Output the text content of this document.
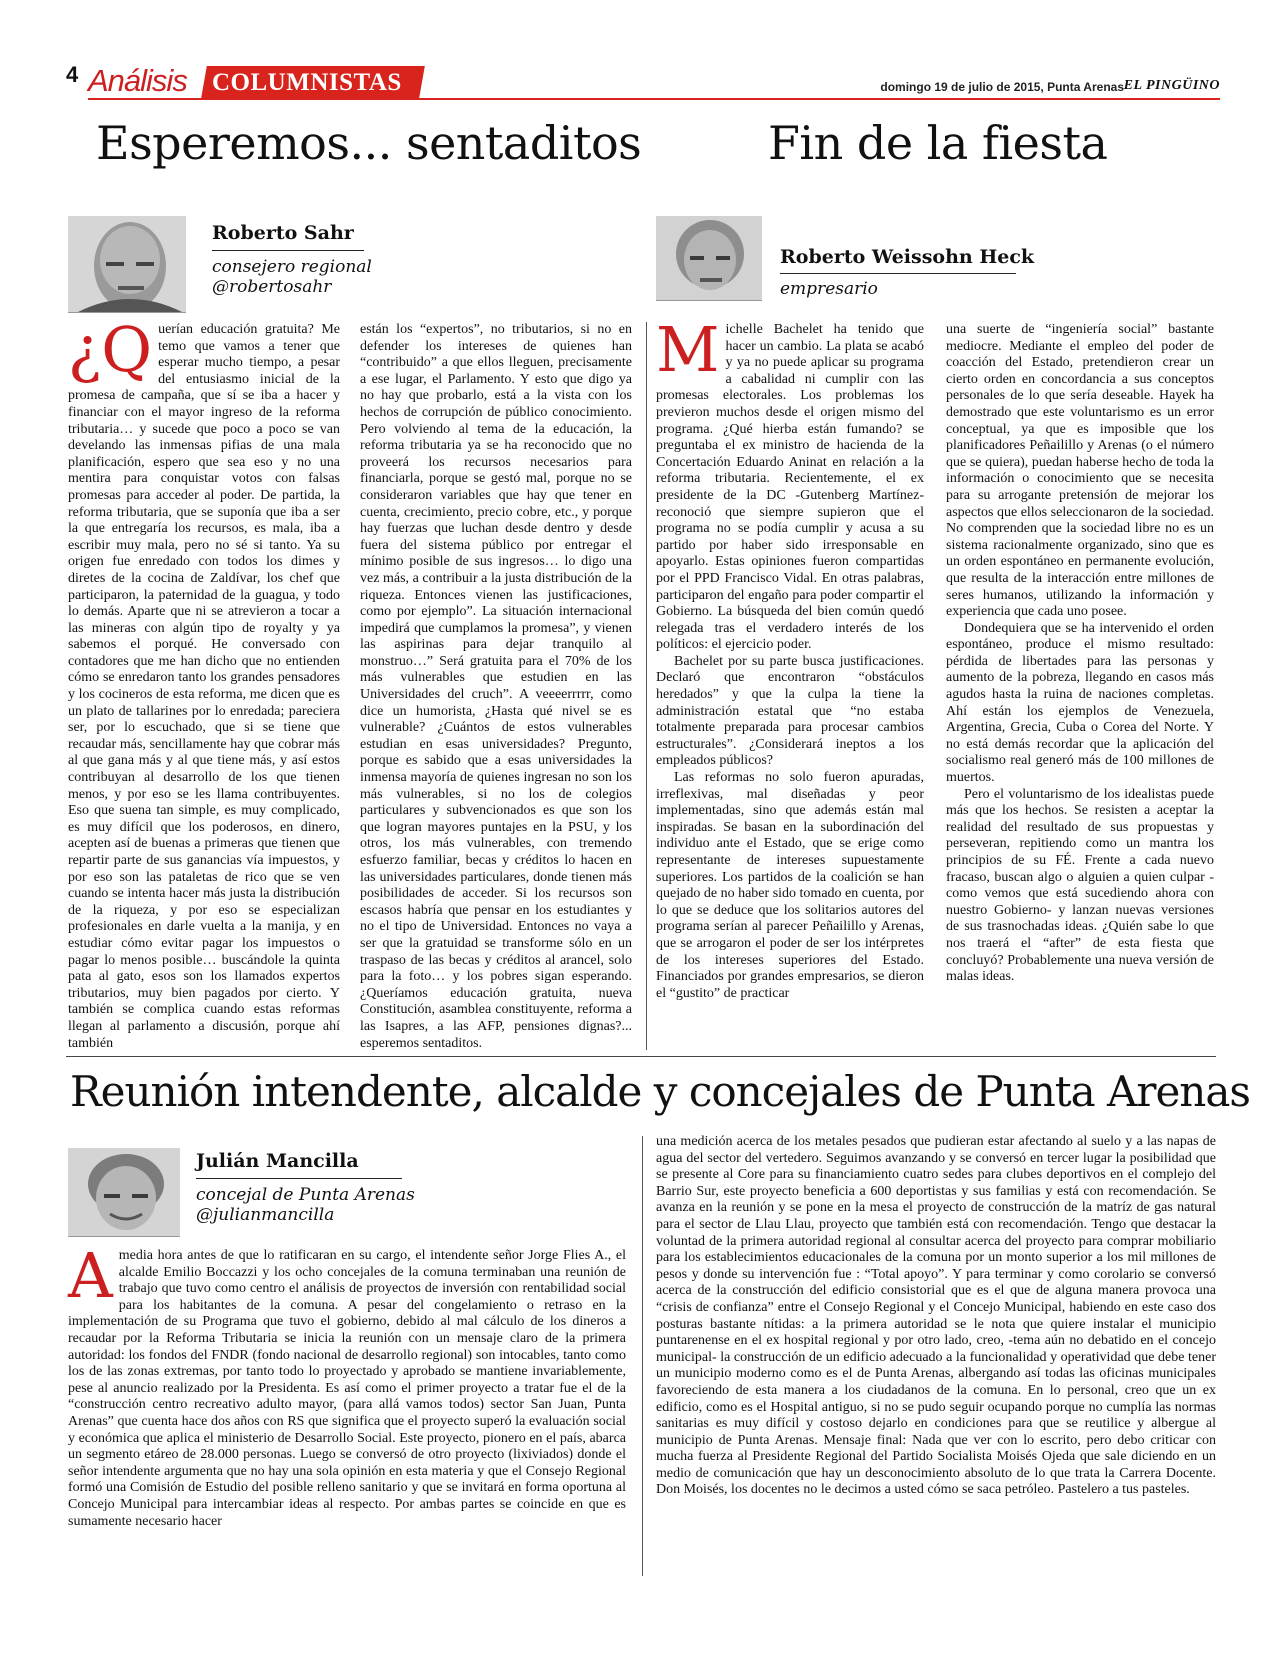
4 Análisis COLUMNISTAS	domingo 19 de julio de 2015, Punta Arenas EL PINGÜINO
Esperemos... sentaditos
Roberto Sahr
consejero regional
@robertosahr

¿Q uerían educación gratuita? Me temo que vamos a tener que esperar mucho tiempo, a pesar del entusiasmo inicial de la promesa de campaña, que sí se iba a hacer y financiar con el mayor ingreso de la reforma tributaria… y sucede que poco a poco se van develando las inmensas pifias de una mala planificación, espero que sea eso y no una mentira para conquistar votos con falsas promesas para acceder al poder. De partida, la reforma tributaria, que se suponía que iba a ser la que entregaría los recursos, es mala, iba a escribir muy mala, pero no sé si tanto. Ya su origen fue enredado con todos los dimes y diretes de la cocina de Zaldívar, los chef que participaron, la paternidad de la guagua, y todo lo demás. Aparte que ni se atrevieron a tocar a las mineras con algún tipo de royalty y ya sabemos el porqué. He conversado con contadores que me han dicho que no entienden cómo se enredaron tanto los grandes pensadores y los cocineros de esta reforma, me dicen que es un plato de tallarines por lo enredada; pareciera ser, por lo escuchado, que si se tiene que recaudar más, sencillamente hay que cobrar más al que gana más y al que tiene más, y así estos contribuyan al desarrollo de los que tienen menos, y por eso se les llama contribuyentes. Eso que suena tan simple, es muy complicado, es muy difícil que los poderosos, en dinero, acepten así de buenas a primeras que tienen que repartir parte de sus ganancias vía impuestos, y por eso son las pataletas de rico que se ven cuando se intenta hacer más justa la distribución de la riqueza, y por eso se especializan profesionales en darle vuelta a la manija, y en estudiar cómo evitar pagar los impuestos o pagar lo menos posible… buscándole la quinta pata al gato, esos son los llamados expertos tributarios, muy bien pagados por cierto. Y también se complica cuando estas reformas llegan al parlamento a discusión, porque ahí también

están los “expertos”, no tributarios, si no en defender los intereses de quienes han “contribuido” a que ellos lleguen, precisamente a ese lugar, el Parlamento. Y esto que digo ya no hay que probarlo, está a la vista con los hechos de corrupción de público conocimiento. Pero volviendo al tema de la educación, la reforma tributaria ya se ha reconocido que no proveerá los recursos necesarios para financiarla, porque se gestó mal, porque no se consideraron variables que hay que tener en cuenta, crecimiento, precio cobre, etc., y porque hay fuerzas que luchan desde dentro y desde fuera del sistema público por entregar el mínimo posible de sus ingresos… lo digo una vez más, a contribuir a la justa distribución de la riqueza. Entonces vienen las justificaciones, como por ejemplo”. La situación internacional impedirá que cumplamos la promesa”, y vienen las aspirinas para dejar tranquilo al monstruo…” Será gratuita para el 70% de los más vulnerables que estudien en las Universidades del cruch”. A veeeerrrrr, como dice un humorista, ¿Hasta qué nivel se es vulnerable? ¿Cuántos de estos vulnerables estudian en esas universidades? Pregunto, porque es sabido que a esas universidades la inmensa mayoría de quienes ingresan no son los más vulnerables, si no los de colegios particulares y subvencionados es que son los que logran mayores puntajes en la PSU, y los otros, los más vulnerables, con tremendo esfuerzo familiar, becas y créditos lo hacen en las universidades particulares, donde tienen más posibilidades de acceder. Si los recursos son escasos habría que pensar en los estudiantes y no el tipo de Universidad. Entonces no vaya a ser que la gratuidad se transforme sólo en un traspaso de las becas y créditos al arancel, solo para la foto… y los pobres sigan esperando. ¿Queríamos educación gratuita, nueva Constitución, asamblea constituyente, reforma a las Isapres, a las AFP, pensiones dignas?... esperemos sentaditos.

Fin de la fiesta
Roberto Weissohn Heck
empresario

Michelle Bachelet ha tenido que hacer un cambio. La plata se acabó y ya no puede aplicar su programa a cabalidad ni cumplir con las promesas electorales. Los problemas los previeron muchos desde el origen mismo del programa. ¿Qué hierba están fumando? se preguntaba el ex ministro de hacienda de la Concertación Eduardo Aninat en relación a la reforma tributaria. Recientemente, el ex presidente de la DC -Gutenberg Martínez- reconoció que siempre supieron que el programa no se podía cumplir y acusa a su partido por haber sido irresponsable en apoyarlo. Estas opiniones fueron compartidas por el PPD Francisco Vidal. En otras palabras, participaron del engaño para poder compartir el Gobierno. La búsqueda del bien común quedó relegada tras el verdadero interés de los políticos: el ejercicio poder.

Bachelet por su parte busca justificaciones. Declaró que encontraron “obstáculos heredados” y que la culpa la tiene la administración estatal que “no estaba totalmente preparada para procesar cambios estructurales”. ¿Considerará ineptos a los empleados públicos?

Las reformas no solo fueron apuradas, irreflexivas, mal diseñadas y peor implementadas, sino que además están mal inspiradas. Se basan en la subordinación del individuo ante el Estado, que se erige como representante de intereses supuestamente superiores. Los partidos de la coalición se han quejado de no haber sido tomado en cuenta, por lo que se deduce que los solitarios autores del programa serían al parecer Peñailillo y Arenas, que se arrogaron el poder de ser los intérpretes de los intereses superiores del Estado. Financiados por grandes empresarios, se dieron el “gustito” de practicar

una suerte de “ingeniería social” bastante mediocre. Mediante el empleo del poder de coacción del Estado, pretendieron crear un cierto orden en concordancia a sus conceptos personales de lo que sería deseable. Hayek ha demostrado que este voluntarismo es un error conceptual, ya que es imposible que los planificadores Peñailillo y Arenas (o el número que se quiera), puedan haberse hecho de toda la información o conocimiento que se necesita para su arrogante pretensión de mejorar los aspectos que ellos seleccionaron de la sociedad. No comprenden que la sociedad libre no es un sistema racionalmente organizado, sino que es un orden espontáneo en permanente evolución, que resulta de la interacción entre millones de seres humanos, utilizando la información y experiencia que cada uno posee.

Dondequiera que se ha intervenido el orden espontáneo, produce el mismo resultado: pérdida de libertades para las personas y aumento de la pobreza, llegando en casos más agudos hasta la ruina de naciones completas. Ahí están los ejemplos de Venezuela, Argentina, Grecia, Cuba o Corea del Norte. Y no está demás recordar que la aplicación del socialismo real generó más de 100 millones de muertos.

Pero el voluntarismo de los idealistas puede más que los hechos. Se resisten a aceptar la realidad del resultado de sus propuestas y perseveran, repitiendo como un mantra los principios de su FÉ. Frente a cada nuevo fracaso, buscan algo o alguien a quien culpar -como vemos que está sucediendo ahora con nuestro Gobierno- y lanzan nuevas versiones de sus trasnochadas ideas. ¿Quién sabe lo que nos traerá el “after” de esta fiesta que concluyó? Probablemente una nueva versión de malas ideas.

Reunión intendente, alcalde y concejales de Punta Arenas
Julián Mancilla
concejal de Punta Arenas
@julianmancilla

Amedia hora antes de que lo ratificaran en su cargo, el intendente señor Jorge Flies A., el alcalde Emilio Boccazzi y los ocho concejales de la comuna terminaban una reunión de trabajo que tuvo como centro el análisis de proyectos de inversión con rentabilidad social para los habitantes de la comuna. A pesar del congelamiento o retraso en la implementación de su Programa que tuvo el gobierno, debido al mal cálculo de los dineros a recaudar por la Reforma Tributaria se inicia la reunión con un mensaje claro de la primera autoridad: los fondos del FNDR (fondo nacional de desarrollo regional) son intocables, tanto como los de las zonas extremas, por tanto todo lo proyectado y aprobado se mantiene invariablemente, pese al anuncio realizado por la Presidenta. Es así como el primer proyecto a tratar fue el de la “construcción centro recreativo adulto mayor, (para allá vamos todos) sector San Juan, Punta Arenas” que cuenta hace dos años con RS que significa que el proyecto superó la evaluación social y económica que aplica el ministerio de Desarrollo Social. Este proyecto, pionero en el país, abarca un segmento etáreo de 28.000 personas. Luego se conversó de otro proyecto (lixiviados) donde el señor intendente argumenta que no hay una sola opinión en esta materia y que el Consejo Regional formó una Comisión de Estudio del posible relleno sanitario y que se invitará en forma oportuna al Concejo Municipal para intercambiar ideas al respecto. Por ambas partes se coincide en que es sumamente necesario hacer

una medición acerca de los metales pesados que pudieran estar afectando al suelo y a las napas de agua del sector del vertedero. Seguimos avanzando y se conversó en tercer lugar la posibilidad que se presente al Core para su financiamiento cuatro sedes para clubes deportivos en el complejo del Barrio Sur, este proyecto beneficia a 600 deportistas y sus familias y está con recomendación. Se avanza en la reunión y se pone en la mesa el proyecto de construcción de la matríz de gas natural para el sector de Llau Llau, proyecto que también está con recomendación. Tengo que destacar la voluntad de la primera autoridad regional al consultar acerca del proyecto para comprar mobiliario para los establecimientos educacionales de la comuna por un monto superior a los mil millones de pesos y donde su intervención fue : “Total apoyo”. Y para terminar y como corolario se conversó acerca de la construcción del edificio consistorial que es el que de alguna manera provoca una “crisis de confianza” entre el Consejo Regional y el Concejo Municipal, habiendo en este caso dos posturas bastante nítidas: a la primera autoridad se le nota que quiere instalar el municipio puntarenense en el ex hospital regional y por otro lado, creo, -tema aún no debatido en el concejo municipal- la construcción de un edificio adecuado a la funcionalidad y operatividad que debe tener un municipio moderno como es el de Punta Arenas, albergando así todas las oficinas municipales favoreciendo de esta manera a los ciudadanos de la comuna. En lo personal, creo que un ex edificio, como es el Hospital antiguo, si no se pudo seguir ocupando porque no cumplía las normas sanitarias es muy difícil y costoso dejarlo en condiciones para que se reutilice y albergue al municipio de Punta Arenas. Mensaje final: Nada que ver con lo escrito, pero debo criticar con mucha fuerza al Presidente Regional del Partido Socialista Moisés Ojeda que sale diciendo en un medio de comunicación que hay un desconocimiento absoluto de lo que trata la Carrera Docente. Don Moisés, los docentes no le decimos a usted cómo se saca petróleo. Pastelero a tus pasteles.
